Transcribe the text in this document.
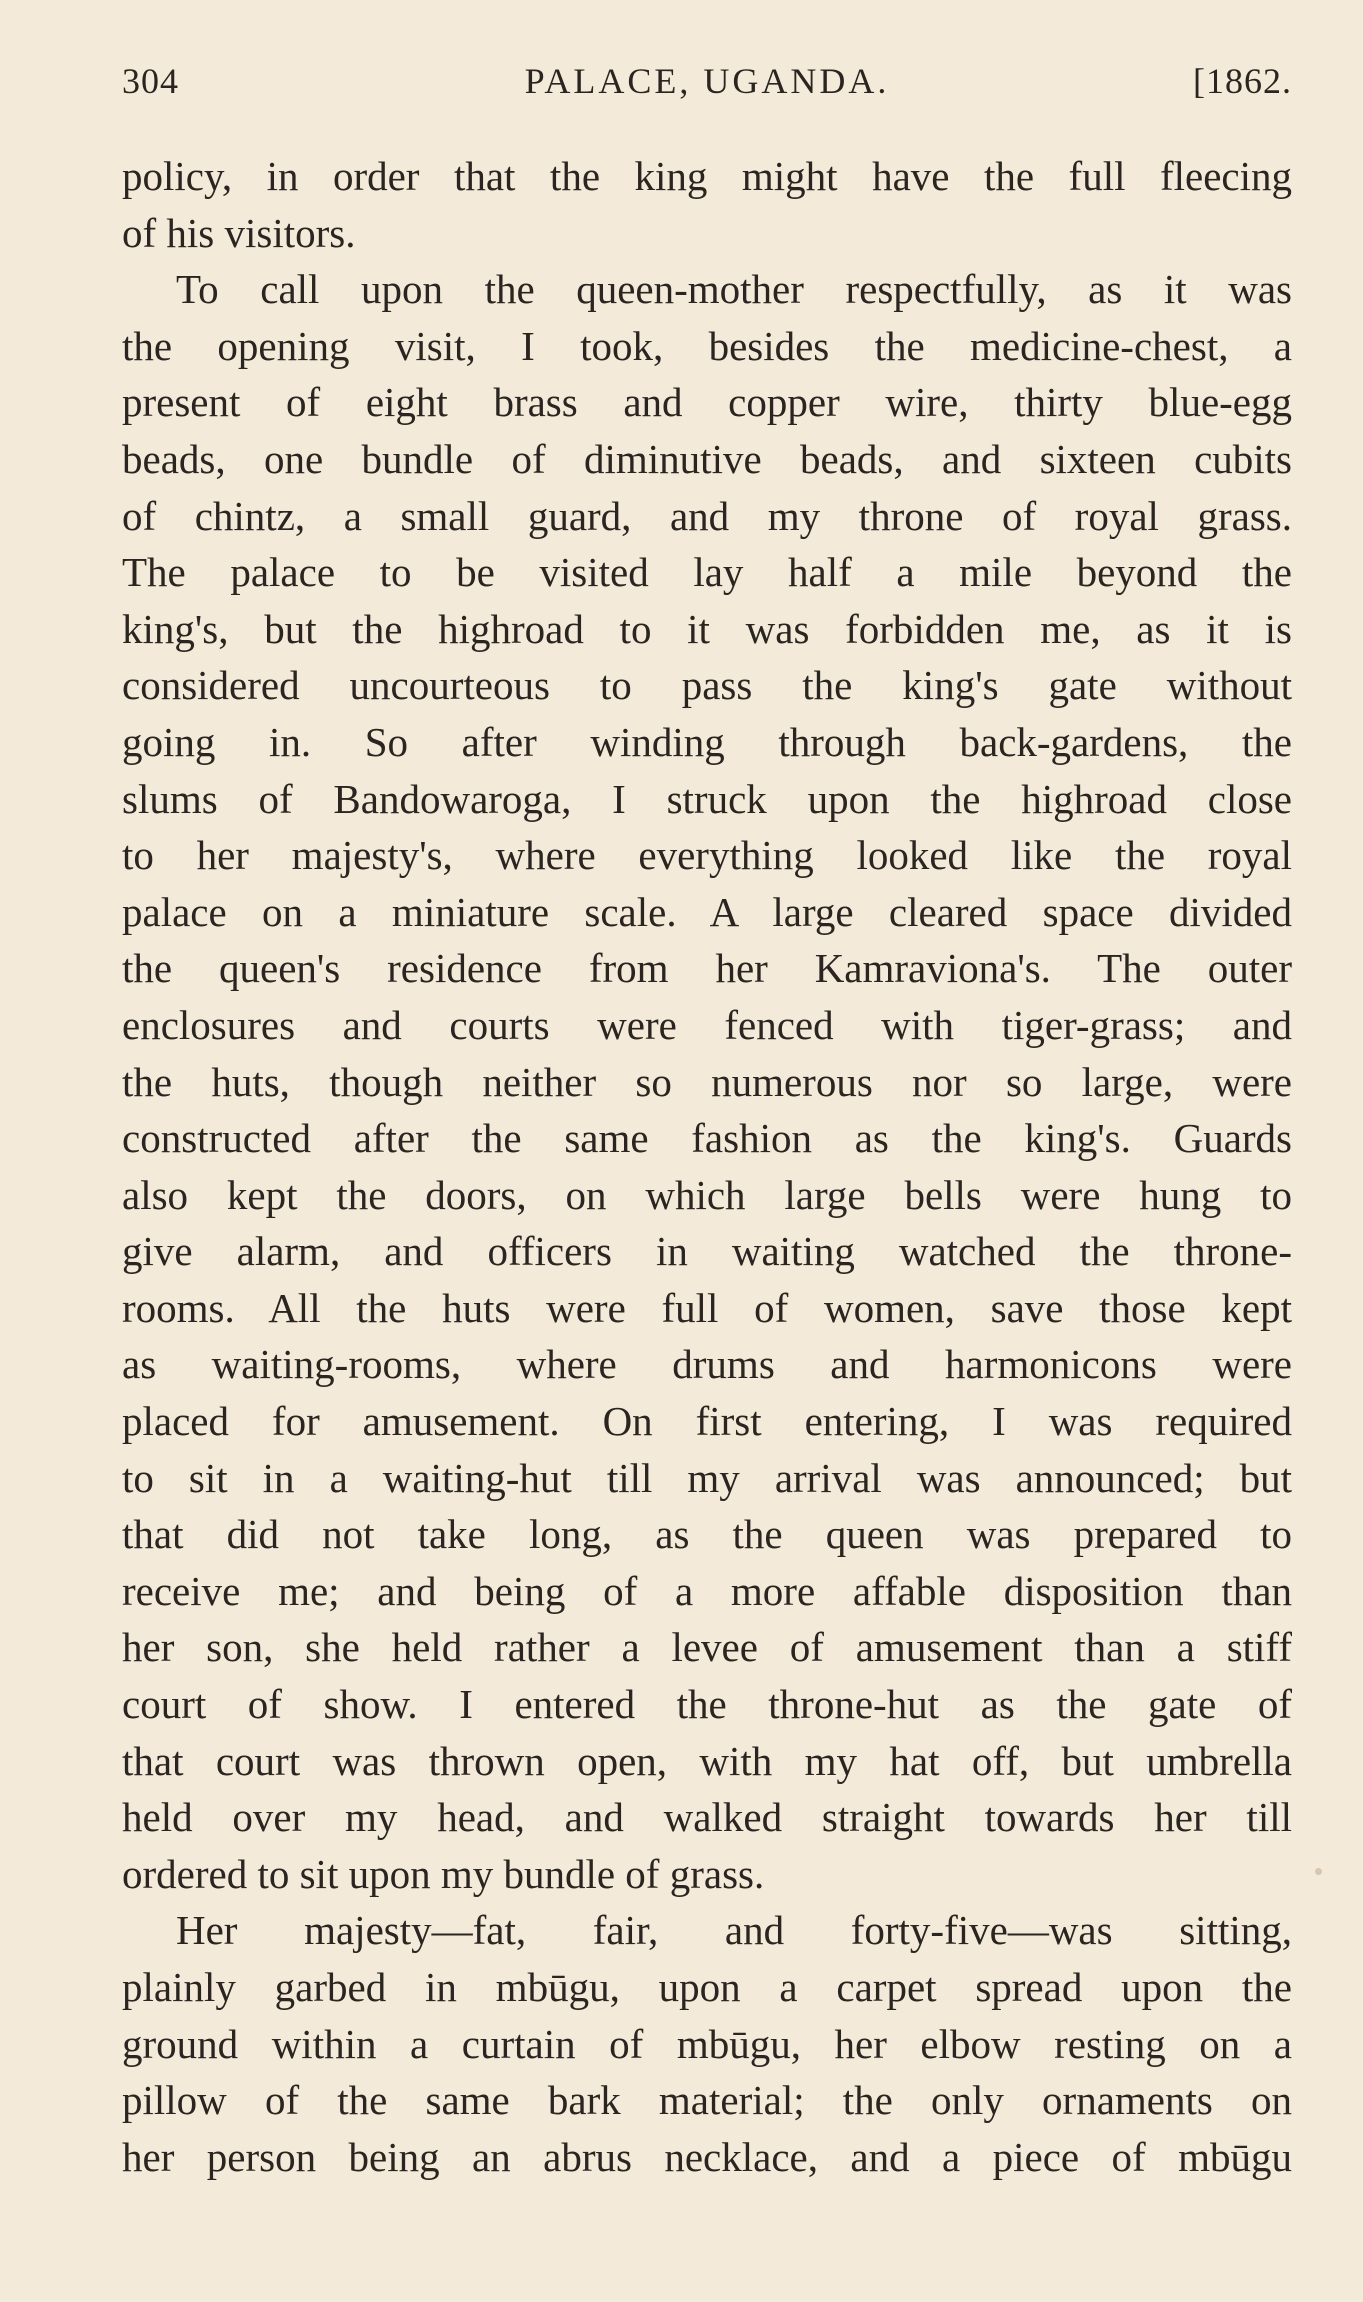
304	PALACE, UGANDA.	[1862.
policy, in order that the king might have the full fleecing
of his visitors.
To call upon the queen-mother respectfully, as it was
the opening visit, I took, besides the medicine-chest, a
present of eight brass and copper wire, thirty blue-egg
beads, one bundle of diminutive beads, and sixteen cubits
of chintz, a small guard, and my throne of royal grass.
The palace to be visited lay half a mile beyond the
king's, but the highroad to it was forbidden me, as it is
considered uncourteous to pass the king's gate without
going in. So after winding through back-gardens, the
slums of Bandowaroga, I struck upon the highroad close
to her majesty's, where everything looked like the royal
palace on a miniature scale. A large cleared space divided
the queen's residence from her Kamraviona's. The outer
enclosures and courts were fenced with tiger-grass; and
the huts, though neither so numerous nor so large, were
constructed after the same fashion as the king's. Guards
also kept the doors, on which large bells were hung to
give alarm, and officers in waiting watched the throne-
rooms. All the huts were full of women, save those kept
as waiting-rooms, where drums and harmonicons were
placed for amusement. On first entering, I was required
to sit in a waiting-hut till my arrival was announced; but
that did not take long, as the queen was prepared to
receive me; and being of a more affable disposition than
her son, she held rather a levee of amusement than a stiff
court of show. I entered the throne-hut as the gate of
that court was thrown open, with my hat off, but umbrella
held over my head, and walked straight towards her till
ordered to sit upon my bundle of grass.
Her majesty—fat, fair, and forty-five—was sitting,
plainly garbed in mbūgu, upon a carpet spread upon the
ground within a curtain of mbūgu, her elbow resting on a
pillow of the same bark material; the only ornaments on
her person being an abrus necklace, and a piece of mbūgu
